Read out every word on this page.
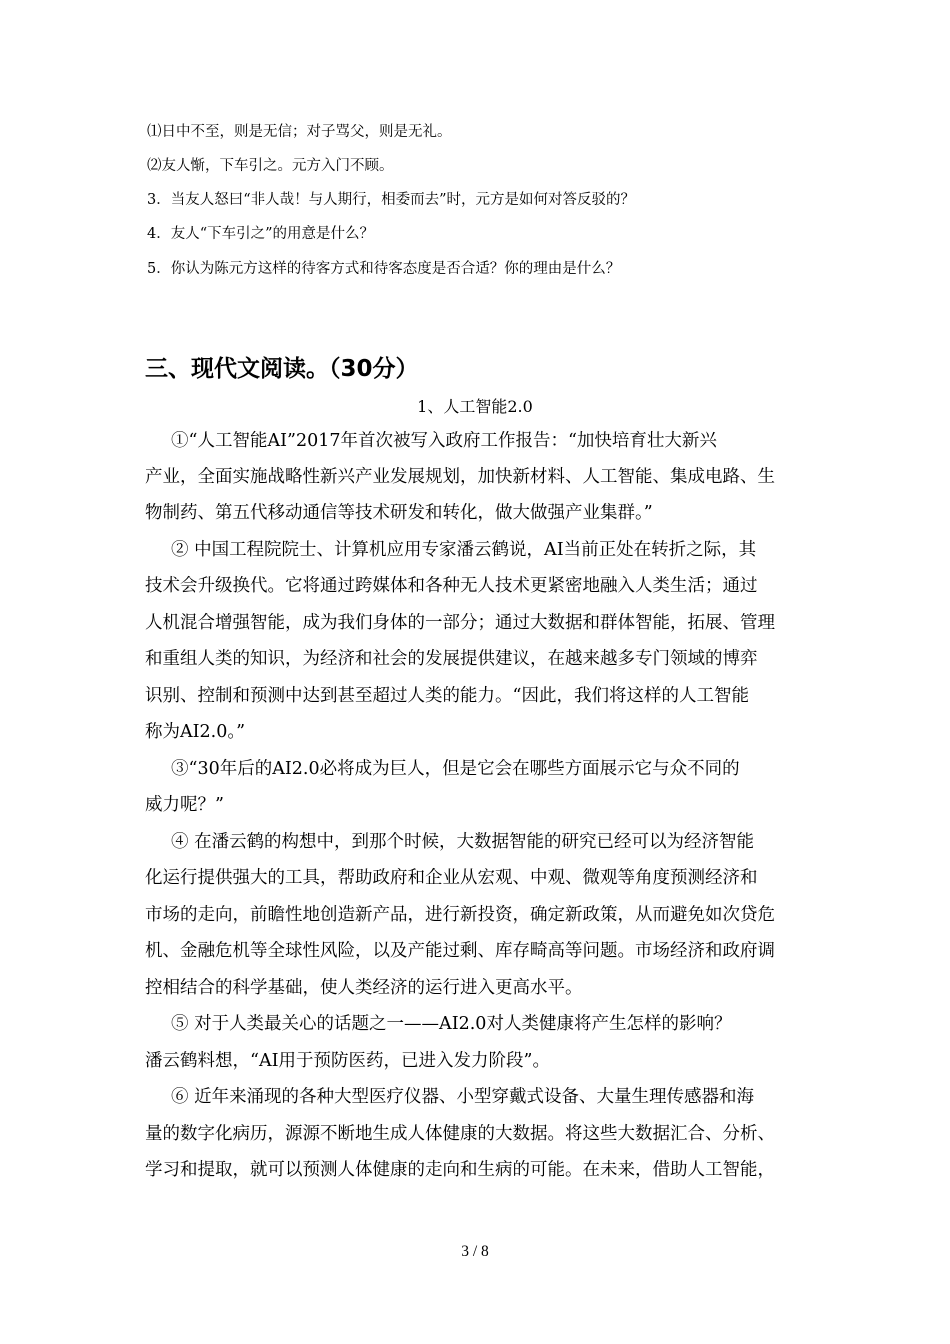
⑴日中不至，则是无信；对子骂父，则是无礼。
⑵友人惭，下车引之。元方入门不顾。
3．当友人怒曰“非人哉！与人期行，相委而去”时，元方是如何对答反驳的？
4．友人“下车引之”的用意是什么？
5．你认为陈元方这样的待客方式和待客态度是否合适？你的理由是什么？
三、现代文阅读。（30分）
1、人工智能2.0
①“人工智能AI”2017年首次被写入政府工作报告：“加快培育壮大新兴
产业，全面实施战略性新兴产业发展规划，加快新材料、人工智能、集成电路、生
物制药、第五代移动通信等技术研发和转化，做大做强产业集群。”
② 中国工程院院士、计算机应用专家潘云鹤说，AI当前正处在转折之际，其
技术会升级换代。它将通过跨媒体和各种无人技术更紧密地融入人类生活；通过
人机混合增强智能，成为我们身体的一部分；通过大数据和群体智能，拓展、管理
和重组人类的知识，为经济和社会的发展提供建议，在越来越多专门领域的博弈
识别、控制和预测中达到甚至超过人类的能力。“因此，我们将这样的人工智能
称为AI2.0。”
③“30年后的AI2.0必将成为巨人，但是它会在哪些方面展示它与众不同的
威力呢？”
④ 在潘云鹤的构想中，到那个时候，大数据智能的研究已经可以为经济智能
化运行提供强大的工具，帮助政府和企业从宏观、中观、微观等角度预测经济和
市场的走向，前瞻性地创造新产品，进行新投资，确定新政策，从而避免如次贷危
机、金融危机等全球性风险，以及产能过剩、库存畸高等问题。市场经济和政府调
控相结合的科学基础，使人类经济的运行进入更高水平。
⑤ 对于人类最关心的话题之一——AI2.0对人类健康将产生怎样的影响？
潘云鹤料想，“AI用于预防医药，已进入发力阶段”。
⑥ 近年来涌现的各种大型医疗仪器、小型穿戴式设备、大量生理传感器和海
量的数字化病历，源源不断地生成人体健康的大数据。将这些大数据汇合、分析、
学习和提取，就可以预测人体健康的走向和生病的可能。在未来，借助人工智能，
3 / 8
